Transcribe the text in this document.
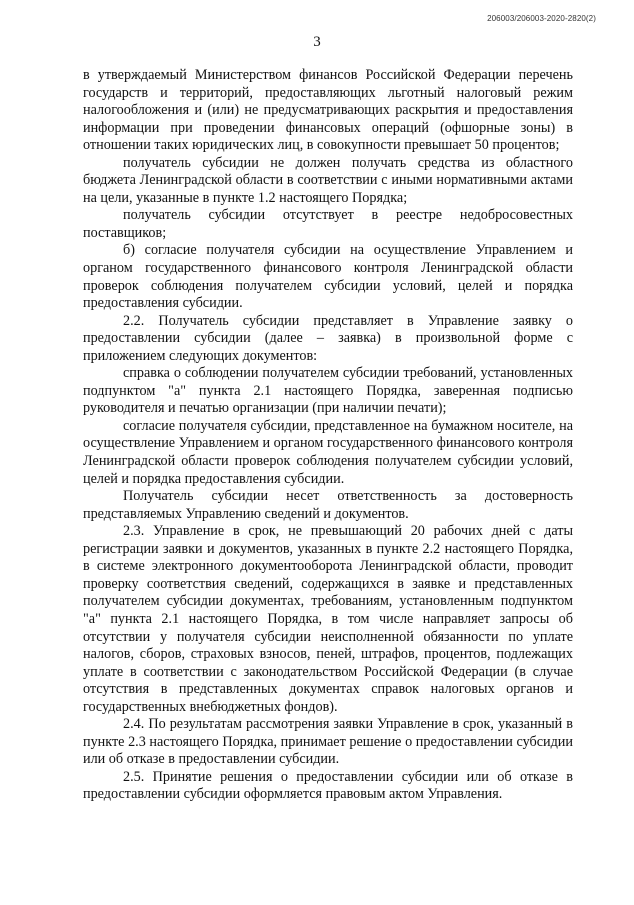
206003/206003-2020-2820(2)
3

в утверждаемый Министерством финансов Российской Федерации перечень государств и территорий, предоставляющих льготный налоговый режим налогообложения и (или) не предусматривающих раскрытия и предоставления информации при проведении финансовых операций (офшорные зоны) в отношении таких юридических лиц, в совокупности превышает 50 процентов;

получатель субсидии не должен получать средства из областного бюджета Ленинградской области в соответствии с иными нормативными актами на цели, указанные в пункте 1.2 настоящего Порядка;

получатель субсидии отсутствует в реестре недобросовестных поставщиков;

б) согласие получателя субсидии на осуществление Управлением и органом государственного финансового контроля Ленинградской области проверок соблюдения получателем субсидии условий, целей и порядка предоставления субсидии.

2.2. Получатель субсидии представляет в Управление заявку о предоставлении субсидии (далее – заявка) в произвольной форме с приложением следующих документов:

справка о соблюдении получателем субсидии требований, установленных подпунктом "а" пункта 2.1 настоящего Порядка, заверенная подписью руководителя и печатью организации (при наличии печати);

согласие получателя субсидии, представленное на бумажном носителе, на осуществление Управлением и органом государственного финансового контроля Ленинградской области проверок соблюдения получателем субсидии условий, целей и порядка предоставления субсидии.

Получатель субсидии несет ответственность за достоверность представляемых Управлению сведений и документов.

2.3. Управление в срок, не превышающий 20 рабочих дней с даты регистрации заявки и документов, указанных в пункте 2.2 настоящего Порядка, в системе электронного документооборота Ленинградской области, проводит проверку соответствия сведений, содержащихся в заявке и представленных получателем субсидии документах, требованиям, установленным подпунктом "а" пункта 2.1 настоящего Порядка, в том числе направляет запросы об отсутствии у получателя субсидии неисполненной обязанности по уплате налогов, сборов, страховых взносов, пеней, штрафов, процентов, подлежащих уплате в соответствии с законодательством Российской Федерации (в случае отсутствия в представленных документах справок налоговых органов и государственных внебюджетных фондов).

2.4. По результатам рассмотрения заявки Управление в срок, указанный в пункте 2.3 настоящего Порядка, принимает решение о предоставлении субсидии или об отказе в предоставлении субсидии.

2.5. Принятие решения о предоставлении субсидии или об отказе в предоставлении субсидии оформляется правовым актом Управления.
